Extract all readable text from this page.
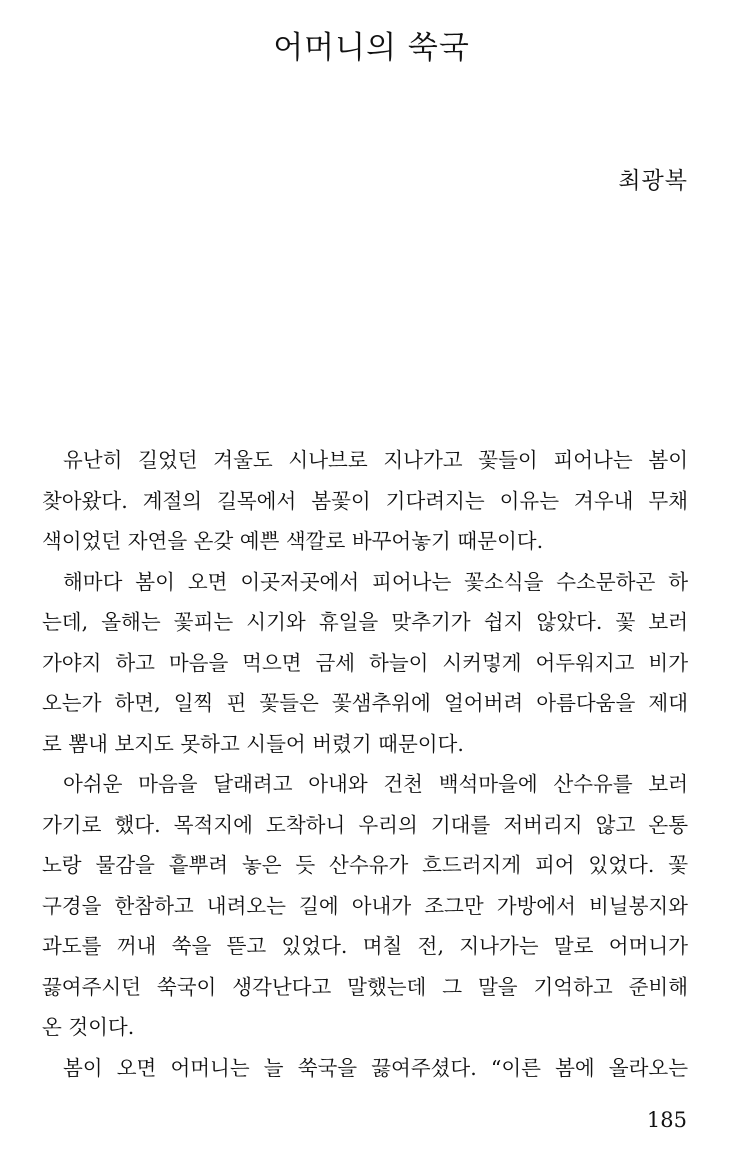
어머니의 쑥국

최광복

유난히 길었던 겨울도 시나브로 지나가고 꽃들이 피어나는 봄이

찾아왔다. 계절의 길목에서 봄꽃이 기다려지는 이유는 겨우내 무채

색이었던 자연을 온갖 예쁜 색깔로 바꾸어놓기 때문이다.

해마다 봄이 오면 이곳저곳에서 피어나는 꽃소식을 수소문하곤 하

는데, 올해는 꽃피는 시기와 휴일을 맞추기가 쉽지 않았다. 꽃 보러

가야지 하고 마음을 먹으면 금세 하늘이 시커멓게 어두워지고 비가

오는가 하면, 일찍 핀 꽃들은 꽃샘추위에 얼어버려 아름다움을 제대

로 뽐내 보지도 못하고 시들어 버렸기 때문이다.

아쉬운 마음을 달래려고 아내와 건천 백석마을에 산수유를 보러

가기로 했다. 목적지에 도착하니 우리의 기대를 저버리지 않고 온통

노랑 물감을 흩뿌려 놓은 듯 산수유가 흐드러지게 피어 있었다. 꽃

구경을 한참하고 내려오는 길에 아내가 조그만 가방에서 비닐봉지와

과도를 꺼내 쑥을 뜯고 있었다. 며칠 전, 지나가는 말로 어머니가

끓여주시던 쑥국이 생각난다고 말했는데 그 말을 기억하고 준비해

온 것이다.

봄이 오면 어머니는 늘 쑥국을 끓여주셨다. “이른 봄에 올라오는

185
